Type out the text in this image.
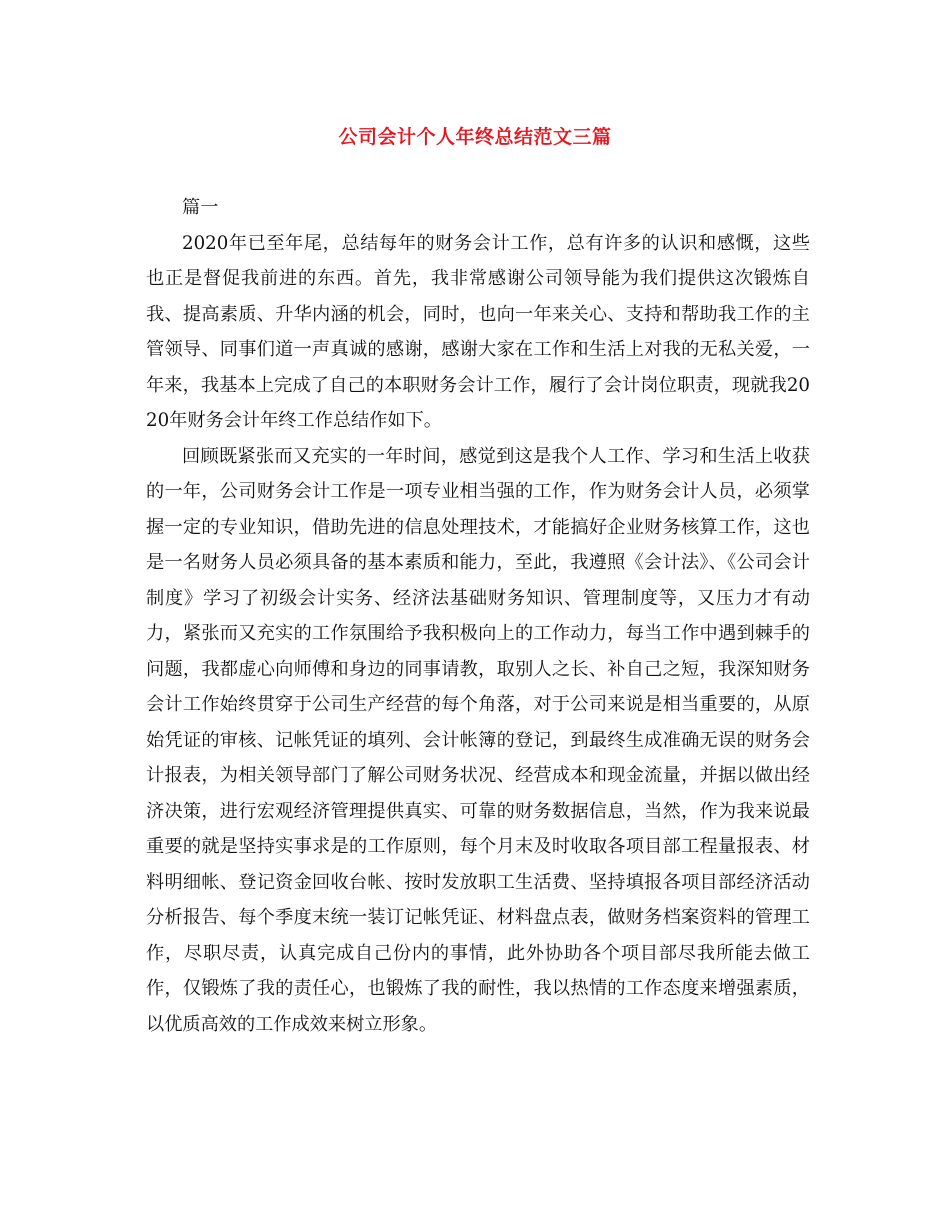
公司会计个人年终总结范文三篇

篇一

2020年已至年尾，总结每年的财务会计工作，总有许多的认识和感慨，这些也正是督促我前进的东西。首先，我非常感谢公司领导能为我们提供这次锻炼自我、提高素质、升华内涵的机会，同时，也向一年来关心、支持和帮助我工作的主管领导、同事们道一声真诚的感谢，感谢大家在工作和生活上对我的无私关爱，一年来，我基本上完成了自己的本职财务会计工作，履行了会计岗位职责，现就我2020年财务会计年终工作总结作如下。

回顾既紧张而又充实的一年时间，感觉到这是我个人工作、学习和生活上收获的一年，公司财务会计工作是一项专业相当强的工作，作为财务会计人员，必须掌握一定的专业知识，借助先进的信息处理技术，才能搞好企业财务核算工作，这也是一名财务人员必须具备的基本素质和能力，至此，我遵照《会计法》、《公司会计制度》学习了初级会计实务、经济法基础财务知识、管理制度等，又压力才有动力，紧张而又充实的工作氛围给予我积极向上的工作动力，每当工作中遇到棘手的问题，我都虚心向师傅和身边的同事请教，取别人之长、补自己之短，我深知财务会计工作始终贯穿于公司生产经营的每个角落，对于公司来说是相当重要的，从原始凭证的审核、记帐凭证的填列、会计帐簿的登记，到最终生成准确无误的财务会计报表，为相关领导部门了解公司财务状况、经营成本和现金流量，并据以做出经济决策，进行宏观经济管理提供真实、可靠的财务数据信息，当然，作为我来说最重要的就是坚持实事求是的工作原则，每个月末及时收取各项目部工程量报表、材料明细帐、登记资金回收台帐、按时发放职工生活费、坚持填报各项目部经济活动分析报告、每个季度末统一装订记帐凭证、材料盘点表，做财务档案资料的管理工作，尽职尽责，认真完成自己份内的事情，此外协助各个项目部尽我所能去做工作，仅锻炼了我的责任心，也锻炼了我的耐性，我以热情的工作态度来增强素质，以优质高效的工作成效来树立形象。
